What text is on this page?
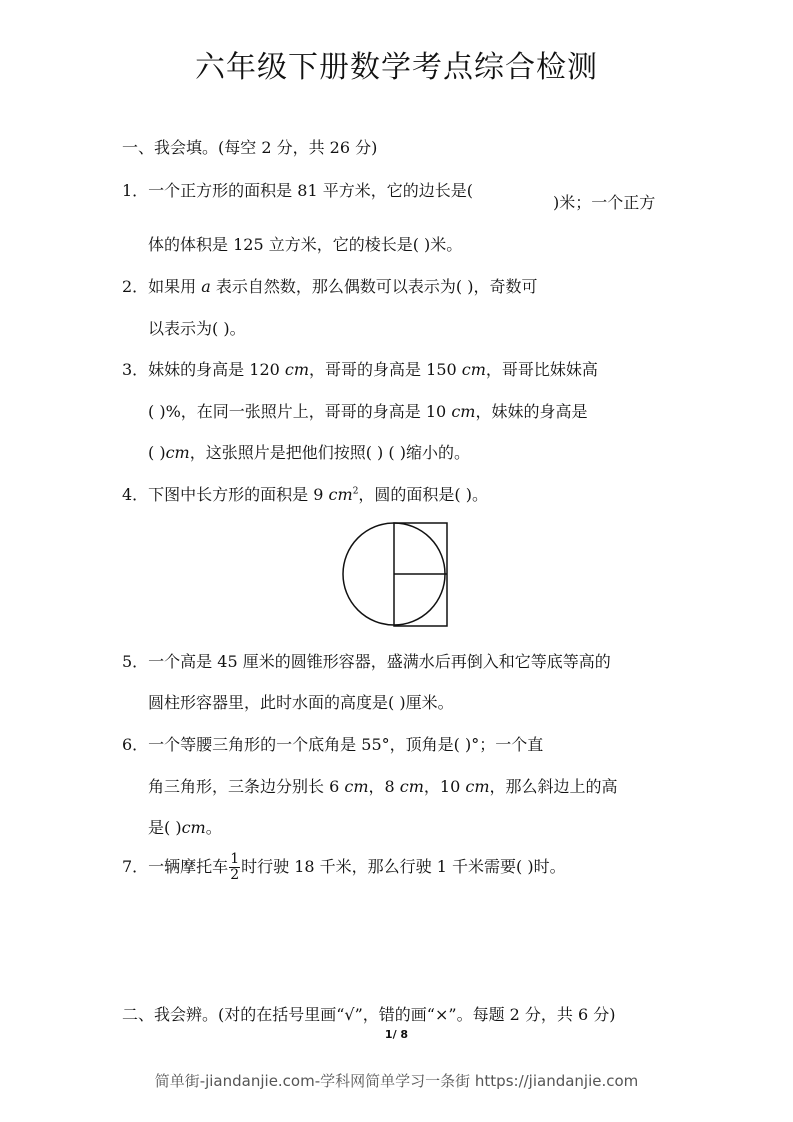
六年级下册数学考点综合检测
一、我会填。(每空 2 分，共 26 分)
1．一个正方形的面积是 81 平方米，它的边长是(
)米；一个正方
体的体积是 125 立方米，它的棱长是( )米。
2．如果用 a 表示自然数，那么偶数可以表示为( )，奇数可
以表示为( )。
3．妹妹的身高是 120 cm，哥哥的身高是 150 cm，哥哥比妹妹高
( )%，在同一张照片上，哥哥的身高是 10 cm，妹妹的身高是
( )cm，这张照片是把他们按照( ) ( )缩小的。
4．下图中长方形的面积是 9 $cm^2$，圆的面积是( )。
5．一个高是 45 厘米的圆锥形容器，盛满水后再倒入和它等底等高的
圆柱形容器里，此时水面的高度是( )厘米。
6．一个等腰三角形的一个底角是 55°，顶角是( )°；一个直
角三角形，三条边分别长 6 cm，8 cm，10 cm，那么斜边上的高
是( )cm。
7．一辆摩托车 $\frac{1}{2}$ 时行驶 18 千米，那么行驶 1 千米需要( )时。
二、我会辨。(对的在括号里画“√”，错的画“×”。每题 2 分，共 6 分)
1/ 8
简单街-jiandanjie.com-学科网简单学习一条街 https://jiandanjie.com
